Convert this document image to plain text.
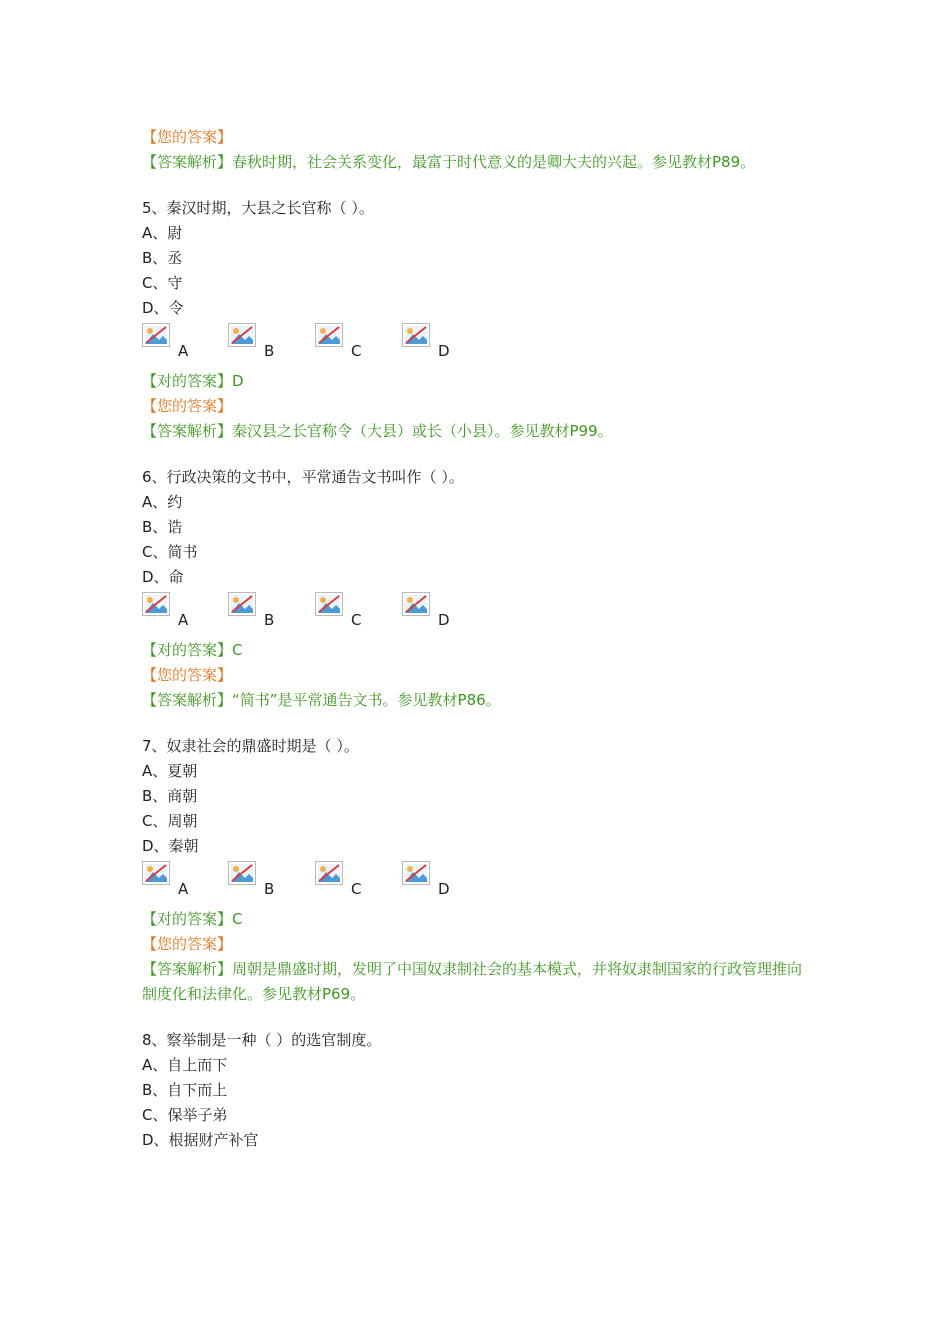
【您的答案】
【答案解析】春秋时期，社会关系变化，最富于时代意义的是卿大夫的兴起。参见教材P89。
5、秦汉时期，大县之长官称（ ）。
A、尉
B、丞
C、守
D、令
A	B	C	D
【对的答案】D
【您的答案】
【答案解析】秦汉县之长官称令（大县）或长（小县）。参见教材P99。
6、行政决策的文书中，平常通告文书叫作（ ）。
A、约
B、诰
C、简书
D、命
A	B	C	D
【对的答案】C
【您的答案】
【答案解析】“简书”是平常通告文书。参见教材P86。
7、奴隶社会的鼎盛时期是（ ）。
A、夏朝
B、商朝
C、周朝
D、秦朝
A	B	C	D
【对的答案】C
【您的答案】
【答案解析】周朝是鼎盛时期，发明了中国奴隶制社会的基本模式，并将奴隶制国家的行政管理推向制度化和法律化。参见教材P69。
8、察举制是一种（ ）的选官制度。
A、自上而下
B、自下而上
C、保举子弟
D、根据财产补官
